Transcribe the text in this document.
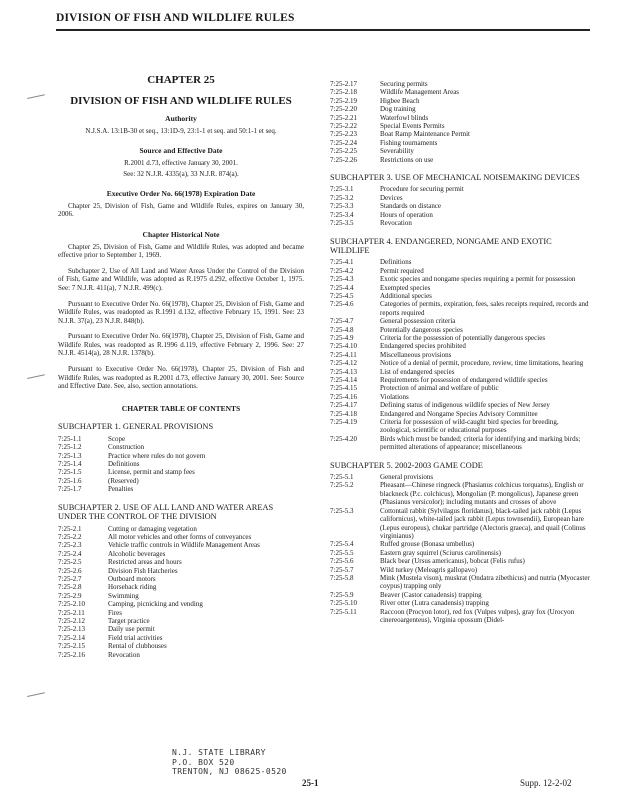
DIVISION OF FISH AND WILDLIFE RULES
CHAPTER 25
DIVISION OF FISH AND WILDLIFE RULES
Authority
N.J.S.A. 13:1B-30 et seq., 13:1D-9, 23:1-1 et seq. and 50:1-1 et seq.
Source and Effective Date
R.2001 d.73, effective January 30, 2001.
See: 32 N.J.R. 4335(a), 33 N.J.R. 874(a).
Executive Order No. 66(1978) Expiration Date
Chapter 25, Division of Fish, Game and Wildlife Rules, expires on January 30, 2006.
Chapter Historical Note
Chapter 25, Division of Fish, Game and Wildlife Rules, was adopted and became effective prior to September 1, 1969.
Subchapter 2, Use of All Land and Water Areas Under the Control of the Division of Fish, Game and Wildlife, was adopted as R.1975 d.292, effective October 1, 1975. See: 7 N.J.R. 411(a), 7 N.J.R. 499(c).
Pursuant to Executive Order No. 66(1978), Chapter 25, Division of Fish, Game and Wildlife Rules, was readopted as R.1991 d.132, effective February 15, 1991. See: 23 N.J.R. 37(a), 23 N.J.R. 848(b).
Pursuant to Executive Order No. 66(1978), Chapter 25, Division of Fish, Game and Wildlife Rules, was readopted as R.1996 d.119, effective February 2, 1996. See: 27 N.J.R. 4514(a), 28 N.J.R. 1378(b).
Pursuant to Executive Order No. 66(1978), Chapter 25, Division of Fish and Wildlife Rules, was readopted as R.2001 d.73, effective January 30, 2001. See: Source and Effective Date. See, also, section annotations.
CHAPTER TABLE OF CONTENTS
SUBCHAPTER 1. GENERAL PROVISIONS
7:25-1.1	Scope
7:25-1.2	Construction
7:25-1.3	Practice where rules do not govern
7:25-1.4	Definitions
7:25-1.5	License, permit and stamp fees
7:25-1.6	(Reserved)
7:25-1.7	Penalties
SUBCHAPTER 2. USE OF ALL LAND AND WATER AREAS UNDER THE CONTROL OF THE DIVISION
7:25-2.1	Cutting or damaging vegetation
7:25-2.2	All motor vehicles and other forms of conveyances
7:25-2.3	Vehicle traffic controls in Wildlife Management Areas
7:25-2.4	Alcoholic beverages
7:25-2.5	Restricted areas and hours
7:25-2.6	Division Fish Hatcheries
7:25-2.7	Outboard motors
7:25-2.8	Horseback riding
7:25-2.9	Swimming
7:25-2.10	Camping, picnicking and vending
7:25-2.11	Fires
7:25-2.12	Target practice
7:25-2.13	Daily use permit
7:25-2.14	Field trial activities
7:25-2.15	Rental of clubhouses
7:25-2.16	Revocation
7:25-2.17	Securing permits
7:25-2.18	Wildlife Management Areas
7:25-2.19	Higbee Beach
7:25-2.20	Dog training
7:25-2.21	Waterfowl blinds
7:25-2.22	Special Events Permits
7:25-2.23	Boat Ramp Maintenance Permit
7:25-2.24	Fishing tournaments
7:25-2.25	Severability
7:25-2.26	Restrictions on use
SUBCHAPTER 3. USE OF MECHANICAL NOISEMAKING DEVICES
7:25-3.1	Procedure for securing permit
7:25-3.2	Devices
7:25-3.3	Standards on distance
7:25-3.4	Hours of operation
7:25-3.5	Revocation
SUBCHAPTER 4. ENDANGERED, NONGAME AND EXOTIC WILDLIFE
7:25-4.1	Definitions
7:25-4.2	Permit required
7:25-4.3	Exotic species and nongame species requiring a permit for possession
7:25-4.4	Exempted species
7:25-4.5	Additional species
7:25-4.6	Categories of permits, expiration, fees, sales receipts required, records and reports required
7:25-4.7	General possession criteria
7:25-4.8	Potentially dangerous species
7:25-4.9	Criteria for the possession of potentially dangerous species
7:25-4.10	Endangered species prohibited
7:25-4.11	Miscellaneous provisions
7:25-4.12	Notice of a denial of permit, procedure, review, time limitations, hearing
7:25-4.13	List of endangered species
7:25-4.14	Requirements for possession of endangered wildlife species
7:25-4.15	Protection of animal and welfare of public
7:25-4.16	Violations
7:25-4.17	Defining status of indigenous wildlife species of New Jersey
7:25-4.18	Endangered and Nongame Species Advisory Committee
7:25-4.19	Criteria for possession of wild-caught bird species for breeding, zoological, scientific or educational purposes
7:25-4.20	Birds which must be banded; criteria for identifying and marking birds; permitted alterations of appearance; miscellaneous
SUBCHAPTER 5. 2002-2003 GAME CODE
7:25-5.1	General provisions
7:25-5.2	Pheasant—Chinese ringneck (Phasianus colchicus torquatus), English or blackneck (P.c. colchicus), Mongolian (P. mongolicus), Japanese green (Phasianus versicolor); including mutants and crosses of above
7:25-5.3	Cottontail rabbit (Sylvilagus floridanus), black-tailed jack rabbit (Lepus californicus), white-tailed jack rabbit (Lepus townsendii), European hare (Lepus europeus), chukar partridge (Alectoris graeca), and quail (Colinus virginianus)
7:25-5.4	Ruffed grouse (Bonasa umbellus)
7:25-5.5	Eastern gray squirrel (Sciurus carolinensis)
7:25-5.6	Black bear (Ursus americanus), bobcat (Felis rufus)
7:25-5.7	Wild turkey (Meleagris gallopavo)
7:25-5.8	Mink (Mustela vison), muskrat (Ondatra zibethicus) and nutria (Myocaster coypus) trapping only
7:25-5.9	Beaver (Castor canadensis) trapping
7:25-5.10	River otter (Lutra canadensis) trapping
7:25-5.11	Raccoon (Procyon lotor), red fox (Vulpes vulpes), gray fox (Urocyon cinereoargenteus), Virginia opossum (Didel-
N.J. STATE LIBRARY
P.O. BOX 520
TRENTON, NJ 08625-0520
25-1	Supp. 12-2-02
